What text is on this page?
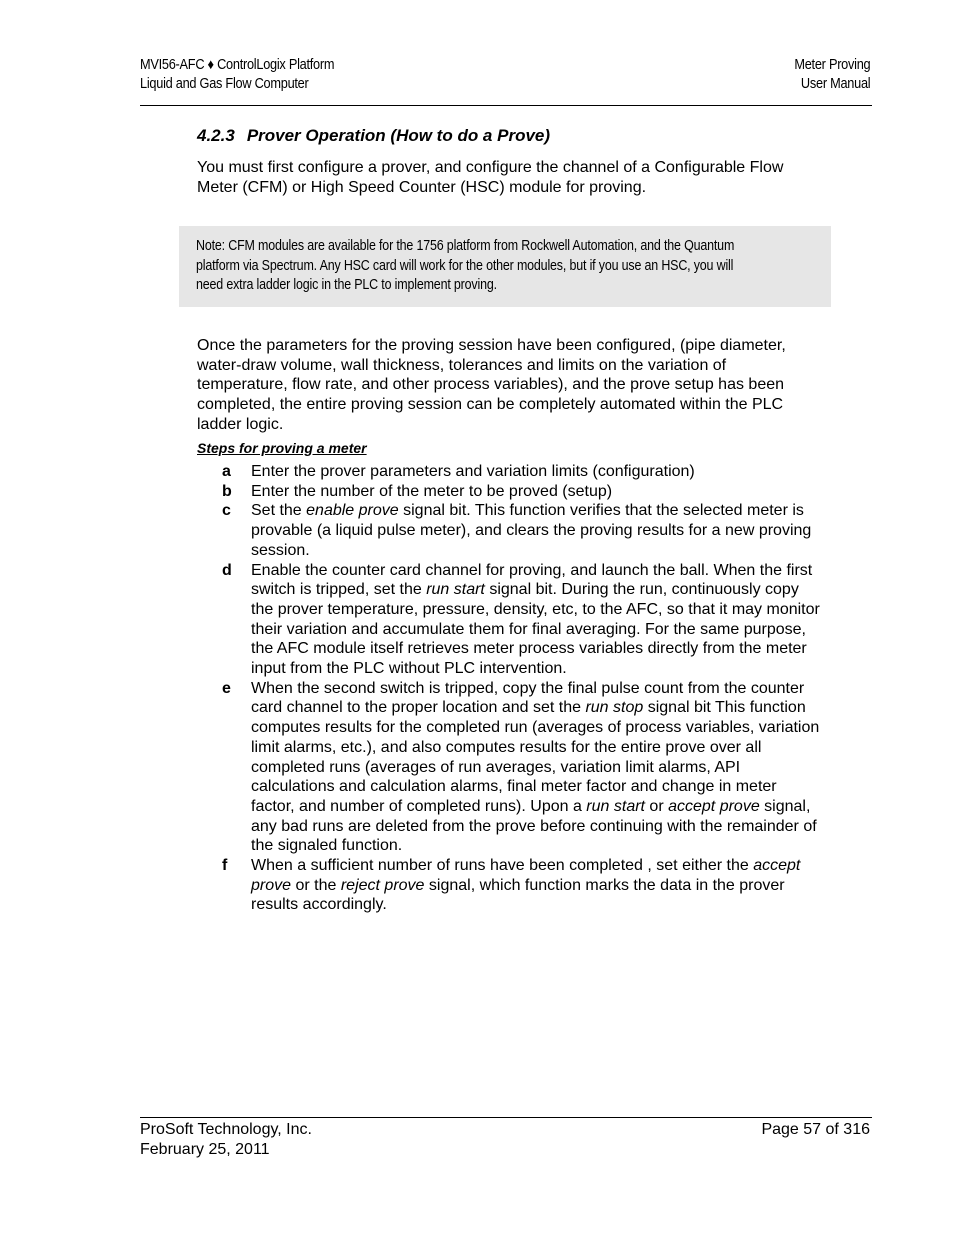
MVI56-AFC ♦ ControlLogix Platform
Liquid and Gas Flow Computer
Meter Proving
User Manual
4.2.3 Prover Operation (How to do a Prove)
You must first configure a prover, and configure the channel of a Configurable Flow Meter (CFM) or High Speed Counter (HSC) module for proving.
Note: CFM modules are available for the 1756 platform from Rockwell Automation, and the Quantum platform via Spectrum. Any HSC card will work for the other modules, but if you use an HSC, you will need extra ladder logic in the PLC to implement proving.
Once the parameters for the proving session have been configured, (pipe diameter, water-draw volume, wall thickness, tolerances and limits on the variation of temperature, flow rate, and other process variables), and the prove setup has been completed, the entire proving session can be completely automated within the PLC ladder logic.
Steps for proving a meter
a	Enter the prover parameters and variation limits (configuration)
b	Enter the number of the meter to be proved (setup)
c	Set the enable prove signal bit. This function verifies that the selected meter is provable (a liquid pulse meter), and clears the proving results for a new proving session.
d	Enable the counter card channel for proving, and launch the ball. When the first switch is tripped, set the run start signal bit. During the run, continuously copy the prover temperature, pressure, density, etc, to the AFC, so that it may monitor their variation and accumulate them for final averaging. For the same purpose, the AFC module itself retrieves meter process variables directly from the meter input from the PLC without PLC intervention.
e	When the second switch is tripped, copy the final pulse count from the counter card channel to the proper location and set the run stop signal bit This function computes results for the completed run (averages of process variables, variation limit alarms, etc.), and also computes results for the entire prove over all completed runs (averages of run averages, variation limit alarms, API calculations and calculation alarms, final meter factor and change in meter factor, and number of completed runs). Upon a run start or accept prove signal, any bad runs are deleted from the prove before continuing with the remainder of the signaled function.
f	When a sufficient number of runs have been completed , set either the accept prove or the reject prove signal, which function marks the data in the prover results accordingly.
ProSoft Technology, Inc.
February 25, 2011
Page 57 of 316
